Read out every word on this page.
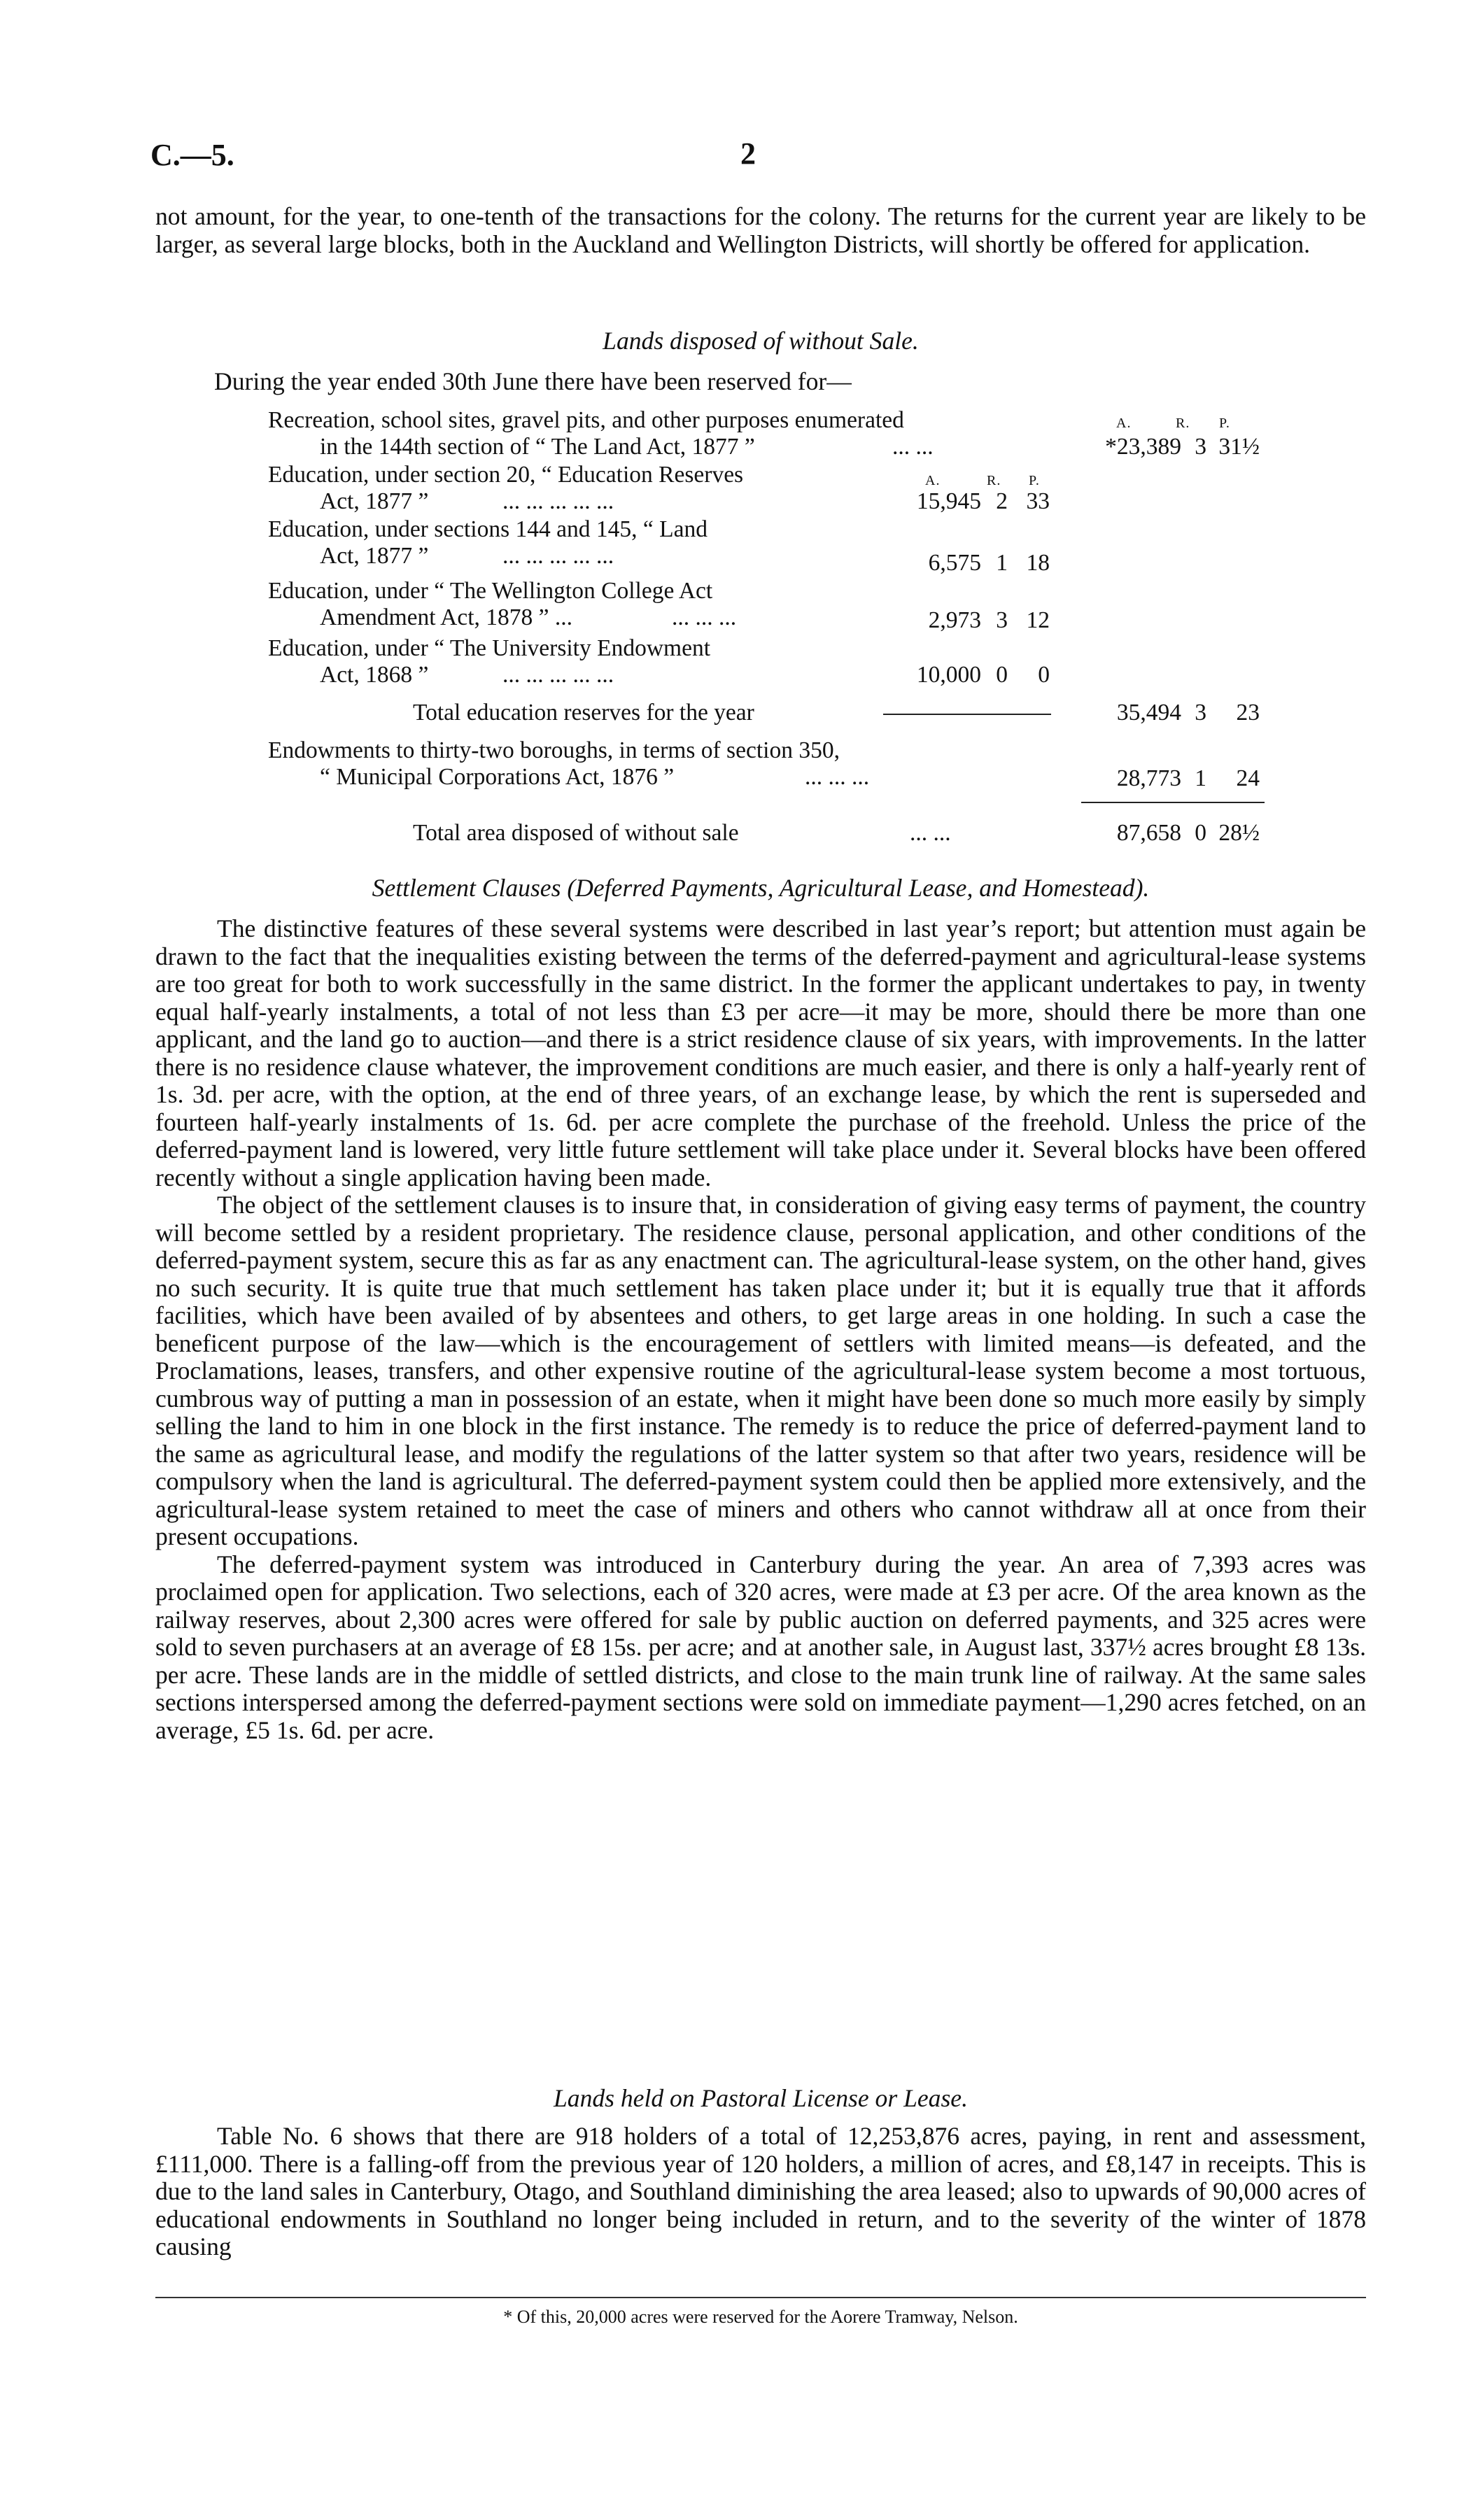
C.—5.	2

not amount, for the year, to one-tenth of the transactions for the colony. The returns for the current year are likely to be larger, as several large blocks, both in the Auckland and Wellington Districts, will shortly be offered for application.

Lands disposed of without Sale.

During the year ended 30th June there have been reserved for—

A.	R. P.
Recreation, school sites, gravel pits, and other purposes enumerated
in the 144th section of “ The Land Act, 1877 ”	... ...	*23,389 3 31½
A.	R. P.
Education, under section 20, “ Education Reserves
Act, 1877 ”	... ... ... ... ...	15,945 2 33
Education, under sections 144 and 145, “ Land
Act, 1877 ”	... ... ... ... ...	6,575 1 18
Education, under “ The Wellington College Act
Amendment Act, 1878 ” ...	... ... ...	2,973 3 12
Education, under “ The University Endowment
Act, 1868 ”	... ... ... ... ...	10,000 0	0
Total education reserves for the year	35,494 3	23
Endowments to thirty-two boroughs, in terms of section 350,
“ Municipal Corporations Act, 1876 ”	... ... ...	28,773 1	24
Total area disposed of without sale	... ...	87,658 0 28½
Settlement Clauses (Deferred Payments, Agricultural Lease, and Homestead).

The distinctive features of these several systems were described in last year’s report; but attention must again be drawn to the fact that the inequalities existing between the terms of the deferred-payment and agricultural-lease systems are too great for both to work successfully in the same district. In the former the applicant undertakes to pay, in twenty equal half-yearly instalments, a total of not less than £3 per acre—it may be more, should there be more than one applicant, and the land go to auction—and there is a strict residence clause of six years, with improvements. In the latter there is no residence clause whatever, the improvement conditions are much easier, and there is only a half-yearly rent of 1s. 3d. per acre, with the option, at the end of three years, of an exchange lease, by which the rent is superseded and fourteen half-yearly instalments of 1s. 6d. per acre complete the purchase of the freehold. Unless the price of the deferred-payment land is lowered, very little future settlement will take place under it. Several blocks have been offered recently without a single application having been made.

The object of the settlement clauses is to insure that, in consideration of giving easy terms of payment, the country will become settled by a resident proprietary. The residence clause, personal application, and other conditions of the deferred-payment system, secure this as far as any enactment can. The agricultural-lease system, on the other hand, gives no such security. It is quite true that much settlement has taken place under it; but it is equally true that it affords facilities, which have been availed of by absentees and others, to get large areas in one holding. In such a case the beneficent purpose of the law—which is the encouragement of settlers with limited means—is defeated, and the Proclamations, leases, transfers, and other expensive routine of the agricultural-lease system become a most tortuous, cumbrous way of putting a man in possession of an estate, when it might have been done so much more easily by simply selling the land to him in one block in the first instance. The remedy is to reduce the price of deferred-payment land to the same as agricultural lease, and modify the regulations of the latter system so that after two years, residence will be compulsory when the land is agricultural. The deferred-payment system could then be applied more extensively, and the agricultural-lease system retained to meet the case of miners and others who cannot withdraw all at once from their present occupations.

The deferred-payment system was introduced in Canterbury during the year. An area of 7,393 acres was proclaimed open for application. Two selections, each of 320 acres, were made at £3 per acre. Of the area known as the railway reserves, about 2,300 acres were offered for sale by public auction on deferred payments, and 325 acres were sold to seven purchasers at an average of £8 15s. per acre; and at another sale, in August last, 337½ acres brought £8 13s. per acre. These lands are in the middle of settled districts, and close to the main trunk line of railway. At the same sales sections interspersed among the deferred-payment sections were sold on immediate payment—1,290 acres fetched, on an average, £5 1s. 6d. per acre.

Lands held on Pastoral License or Lease.

Table No. 6 shows that there are 918 holders of a total of 12,253,876 acres, paying, in rent and assessment, £111,000. There is a falling-off from the previous year of 120 holders, a million of acres, and £8,147 in receipts. This is due to the land sales in Canterbury, Otago, and Southland diminishing the area leased; also to upwards of 90,000 acres of educational endowments in Southland no longer being included in return, and to the severity of the winter of 1878 causing

* Of this, 20,000 acres were reserved for the Aorere Tramway, Nelson.
